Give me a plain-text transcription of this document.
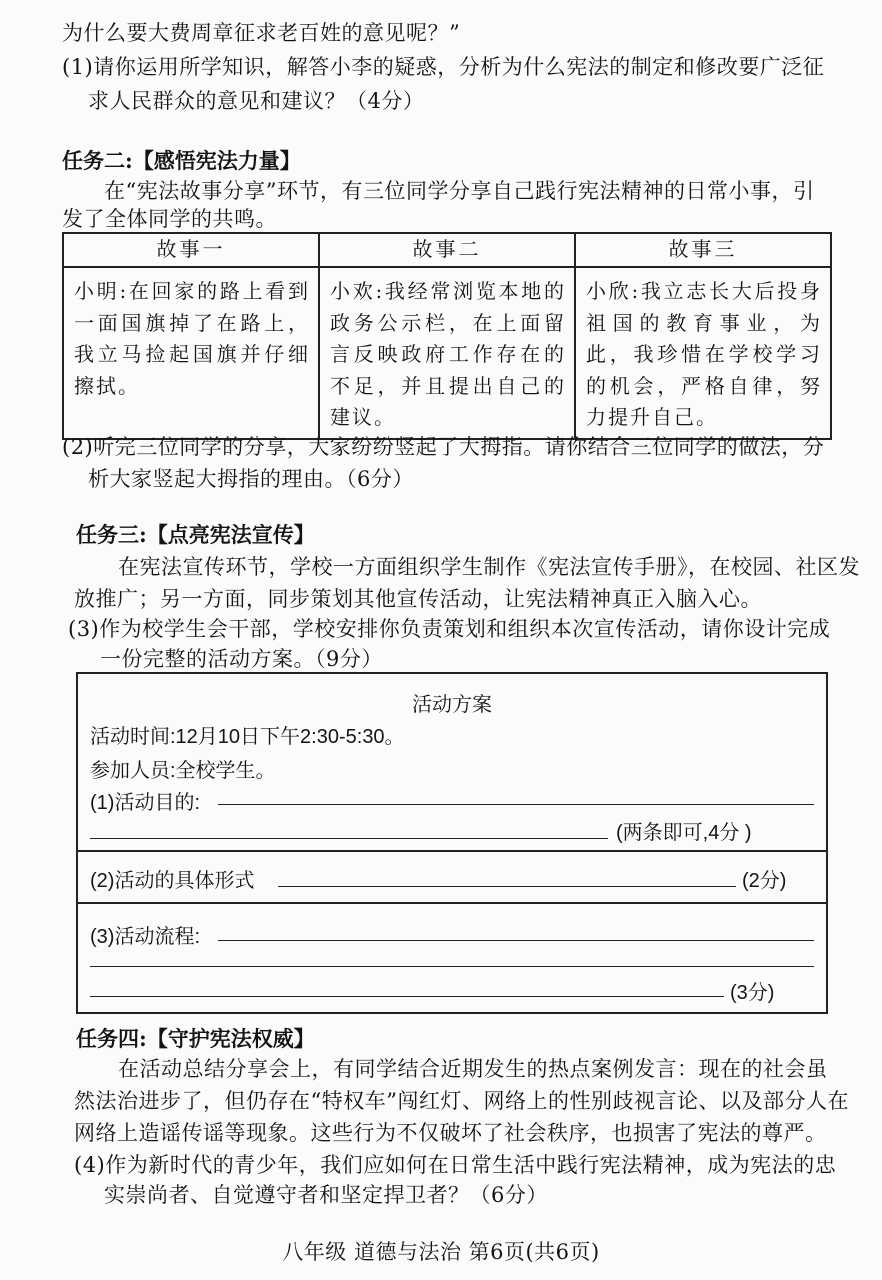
为什么要大费周章征求老百姓的意见呢？”
(1)请你运用所学知识，解答小李的疑惑，分析为什么宪法的制定和修改要广泛征
求人民群众的意见和建议？（4分）
任务二:【感悟宪法力量】
在“宪法故事分享”环节，有三位同学分享自己践行宪法精神的日常小事，引
发了全体同学的共鸣。
故事一	故事二	故事三
小明:在回家的路上看到一面国旗掉了在路上，我立马捡起国旗并仔细擦拭。	小欢:我经常浏览本地的政务公示栏，在上面留言反映政府工作存在的不足，并且提出自己的建议。	小欣:我立志长大后投身祖国的教育事业，为此，我珍惜在学校学习的机会，严格自律，努力提升自己。
(2)听完三位同学的分享，大家纷纷竖起了大拇指。请你结合三位同学的做法，分
析大家竖起大拇指的理由。（6分）
任务三:【点亮宪法宣传】
在宪法宣传环节，学校一方面组织学生制作《宪法宣传手册》，在校园、社区发
放推广；另一方面，同步策划其他宣传活动，让宪法精神真正入脑入心。
(3)作为校学生会干部，学校安排你负责策划和组织本次宣传活动，请你设计完成
一份完整的活动方案。（9分）
活动方案
活动时间:12月10日下午2:30-5:30。
参加人员:全校学生。
(1)活动目的:
(两条即可,4分 )
(2)活动的具体形式	(2分)
(3)活动流程:
(3分)
任务四:【守护宪法权威】
在活动总结分享会上，有同学结合近期发生的热点案例发言：现在的社会虽
然法治进步了，但仍存在“特权车”闯红灯、网络上的性别歧视言论、以及部分人在
网络上造谣传谣等现象。这些行为不仅破坏了社会秩序，也损害了宪法的尊严。
(4)作为新时代的青少年，我们应如何在日常生活中践行宪法精神，成为宪法的忠
实崇尚者、自觉遵守者和坚定捍卫者？（6分）
八年级 道德与法治 第6页(共6页)
